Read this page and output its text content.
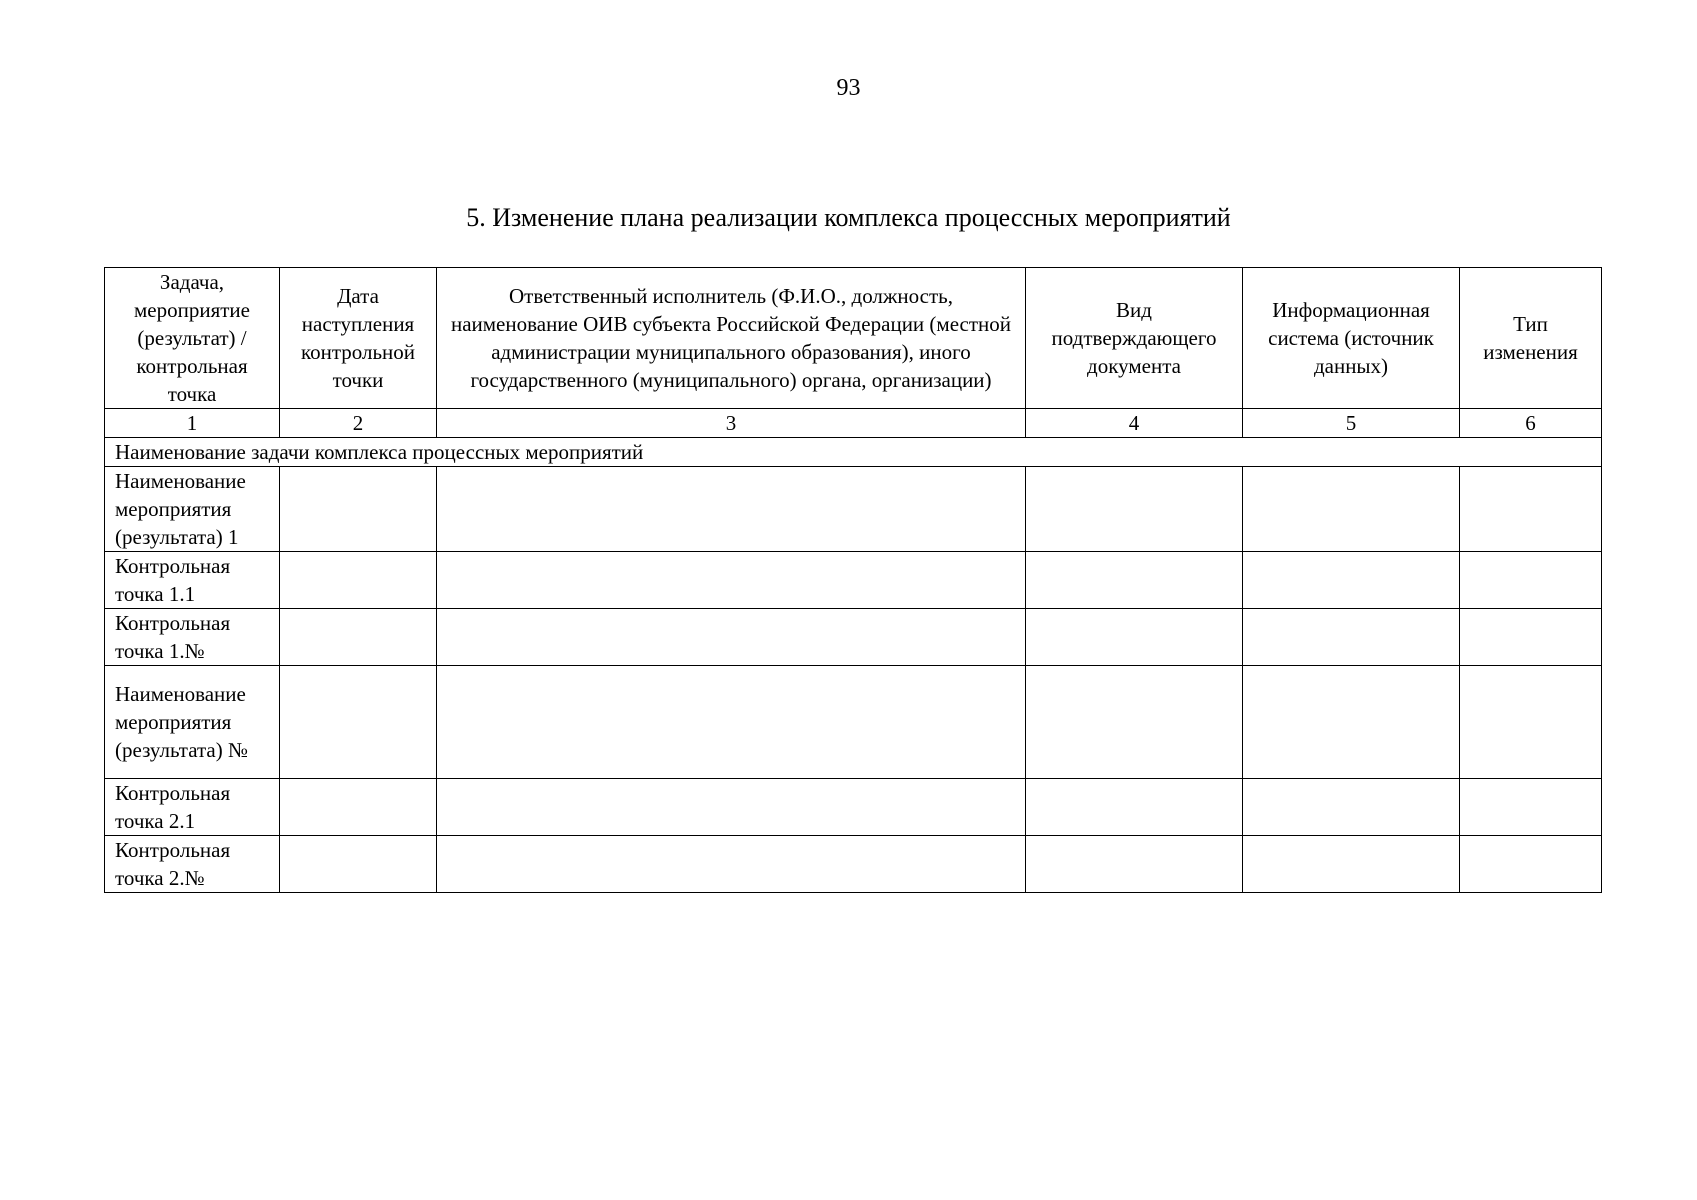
93
5. Изменение плана реализации комплекса процессных мероприятий
Задача, мероприятие (результат) / контрольная точка	Дата наступления контрольной точки	Ответственный исполнитель (Ф.И.О., должность, наименование ОИВ субъекта Российской Федерации (местной администрации муниципального образования), иного государственного (муниципального) органа, организации)	Вид подтверждающего документа	Информационная система (источник данных)	Тип изменения
1	2	3	4	5	6
Наименование задачи комплекса процессных мероприятий					
Наименование мероприятия (результата) 1					
Контрольная точка 1.1					
Контрольная точка 1.№					
Наименование мероприятия (результата) №					
Контрольная точка 2.1					
Контрольная точка 2.№					
